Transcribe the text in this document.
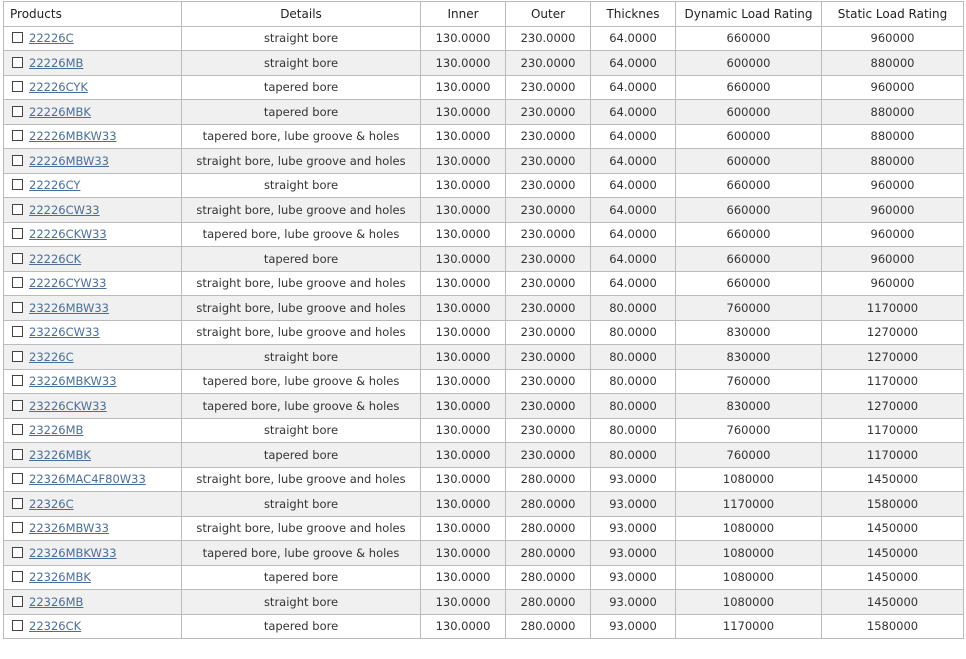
Products	Details	Inner	Outer	Thicknes	Dynamic Load Rating	Static Load Rating
22226C	straight bore	130.0000	230.0000	64.0000	660000	960000
22226MB	straight bore	130.0000	230.0000	64.0000	600000	880000
22226CYK	tapered bore	130.0000	230.0000	64.0000	660000	960000
22226MBK	tapered bore	130.0000	230.0000	64.0000	600000	880000
22226MBKW33	tapered bore, lube groove & holes	130.0000	230.0000	64.0000	600000	880000
22226MBW33	straight bore, lube groove and holes	130.0000	230.0000	64.0000	600000	880000
22226CY	straight bore	130.0000	230.0000	64.0000	660000	960000
22226CW33	straight bore, lube groove and holes	130.0000	230.0000	64.0000	660000	960000
22226CKW33	tapered bore, lube groove & holes	130.0000	230.0000	64.0000	660000	960000
22226CK	tapered bore	130.0000	230.0000	64.0000	660000	960000
22226CYW33	straight bore, lube groove and holes	130.0000	230.0000	64.0000	660000	960000
23226MBW33	straight bore, lube groove and holes	130.0000	230.0000	80.0000	760000	1170000
23226CW33	straight bore, lube groove and holes	130.0000	230.0000	80.0000	830000	1270000
23226C	straight bore	130.0000	230.0000	80.0000	830000	1270000
23226MBKW33	tapered bore, lube groove & holes	130.0000	230.0000	80.0000	760000	1170000
23226CKW33	tapered bore, lube groove & holes	130.0000	230.0000	80.0000	830000	1270000
23226MB	straight bore	130.0000	230.0000	80.0000	760000	1170000
23226MBK	tapered bore	130.0000	230.0000	80.0000	760000	1170000
22326MAC4F80W33	straight bore, lube groove and holes	130.0000	280.0000	93.0000	1080000	1450000
22326C	straight bore	130.0000	280.0000	93.0000	1170000	1580000
22326MBW33	straight bore, lube groove and holes	130.0000	280.0000	93.0000	1080000	1450000
22326MBKW33	tapered bore, lube groove & holes	130.0000	280.0000	93.0000	1080000	1450000
22326MBK	tapered bore	130.0000	280.0000	93.0000	1080000	1450000
22326MB	straight bore	130.0000	280.0000	93.0000	1080000	1450000
22326CK	tapered bore	130.0000	280.0000	93.0000	1170000	1580000
